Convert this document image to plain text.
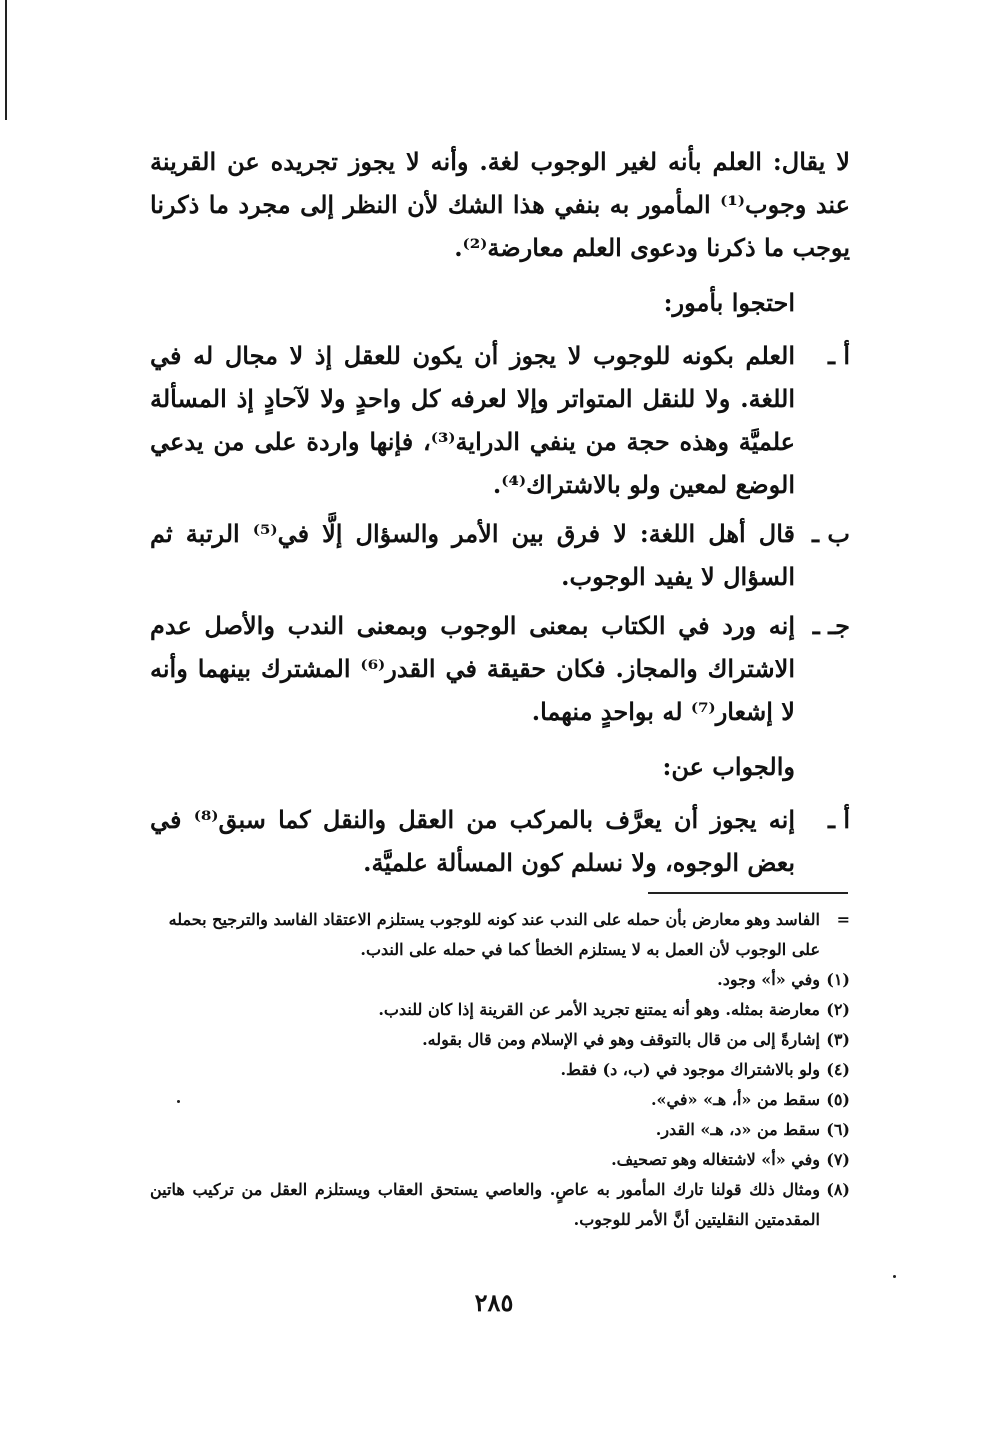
لا يقال: العلم بأنه لغير الوجوب لغة. وأنه لا يجوز تجريده عن القرينة عند وجوب⁽¹⁾ المأمور به بنفي هذا الشك لأن النظر إلى مجرد ما ذكرنا يوجب ما ذكرنا ودعوى العلم معارضة⁽²⁾.

احتجوا بأمور:
أ ـ
العلم بكونه للوجوب لا يجوز أن يكون للعقل إذ لا مجال له في اللغة. ولا للنقل المتواتر وإلا لعرفه كل واحدٍ ولا لآحادٍ إذ المسألة علميَّة وهذه حجة من ينفي الدراية⁽³⁾، فإنها واردة على من يدعي الوضع لمعين ولو بالاشتراك⁽⁴⁾.
ب ـ
قال أهل اللغة: لا فرق بين الأمر والسؤال إلَّا في⁽⁵⁾ الرتبة ثم السؤال لا يفيد الوجوب.
جـ ـ
إنه ورد في الكتاب بمعنى الوجوب وبمعنى الندب والأصل عدم الاشتراك والمجاز. فكان حقيقة في القدر⁽⁶⁾ المشترك بينهما وأنه لا إشعار⁽⁷⁾ له بواحدٍ منهما.
والجواب عن:
أ ـ
إنه يجوز أن يعرَّف بالمركب من العقل والنقل كما سبق⁽⁸⁾ في بعض الوجوه، ولا نسلم كون المسألة علميَّة.
=
الفاسد وهو معارض بأن حمله على الندب عند كونه للوجوب يستلزم الاعتقاد الفاسد والترجيح بحمله على الوجوب لأن العمل به لا يستلزم الخطأ كما في حمله على الندب.
(١)
وفي «أ» وجود.
(٢)
معارضة بمثله. وهو أنه يمتنع تجريد الأمر عن القرينة إذا كان للندب.
(٣)
إشارةً إلى من قال بالتوقف وهو في الإسلام ومن قال بقوله.
(٤)
ولو بالاشتراك موجود في (ب، د) فقط.
(٥)
سقط من «أ، هـ» «في».
(٦)
سقط من «د، هـ» القدر.
(٧)
وفي «أ» لاشتغاله وهو تصحيف.
(٨)
ومثال ذلك قولنا تارك المأمور به عاصٍ. والعاصي يستحق العقاب ويستلزم العقل من تركيب هاتين المقدمتين النقليتين أنَّ الأمر للوجوب.
٢٨٥
